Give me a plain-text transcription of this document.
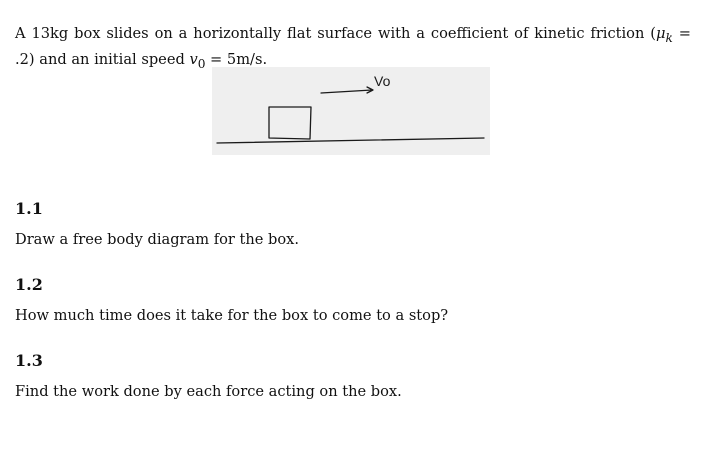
A 13kg box slides on a horizontally flat surface with a coefficient of kinetic friction $(\mu_k = .2)$ and an initial speed $v_0 = 5m/s$.

Vo
1.1
Draw a free body diagram for the box.
1.2
How much time does it take for the box to come to a stop?
1.3
Find the work done by each force acting on the box.
